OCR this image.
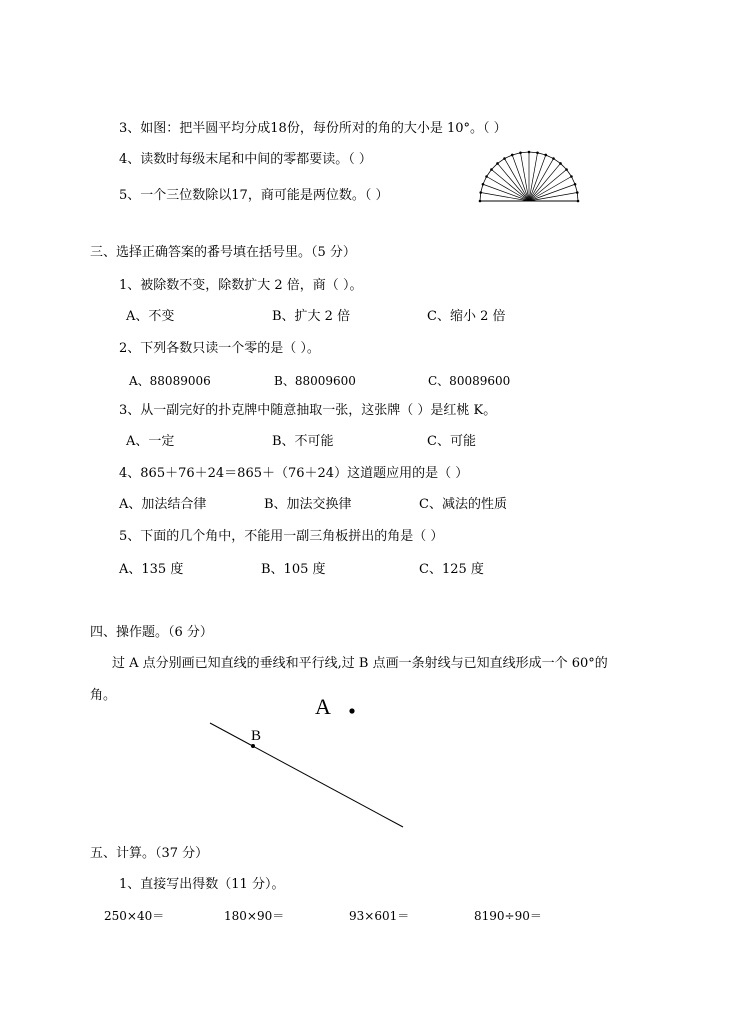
3、如图：把半圆平均分成18份，每份所对的角的大小是 10°。（ ）
4、读数时每级末尾和中间的零都要读。（ ）
5、一个三位数除以17，商可能是两位数。（ ）
三、选择正确答案的番号填在括号里。（5 分）
1、被除数不变，除数扩大 2 倍，商（ ）。
A、不变	B、扩大 2 倍	C、缩小 2 倍
2、下列各数只读一个零的是（ ）。
A、88089006	B、88009600	C、80089600
3、从一副完好的扑克牌中随意抽取一张，这张牌（ ）是红桃 K。
A、一定	B、不可能	C、可能
4、865＋76＋24＝865＋（76＋24）这道题应用的是（ ）
A、加法结合律	B、加法交换律	C、减法的性质
5、下面的几个角中，不能用一副三角板拼出的角是（ ）
A、135 度	B、105 度	C、125 度
四、操作题。（6 分）
过 A 点分别画已知直线的垂线和平行线,过 B 点画一条射线与已知直线形成一个 60°的
角。	A
B
五、计算。（37 分）
1、直接写出得数（11 分）。
250×40＝	180×90＝	93×601＝	8190÷90＝
